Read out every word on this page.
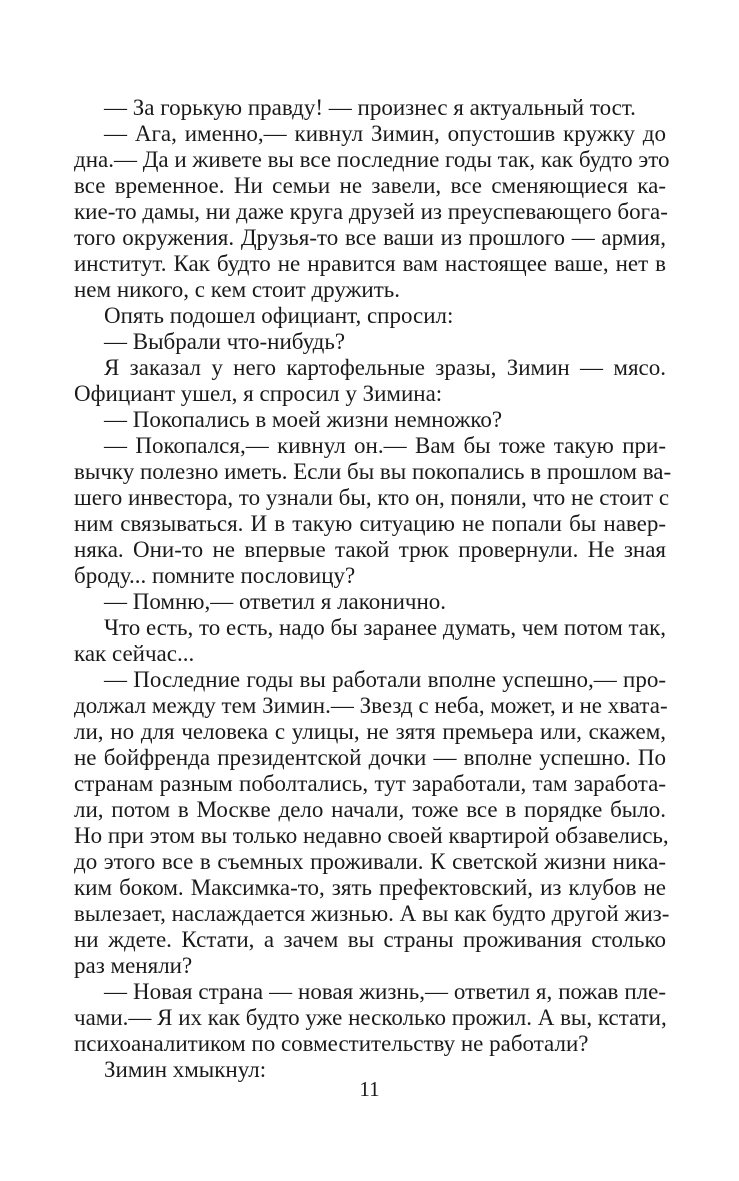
— За горькую правду! — произнес я актуальный тост.
— Ага, именно,— кивнул Зимин, опустошив кружку до
дна.— Да и живете вы все последние годы так, как будто это
все временное. Ни семьи не завели, все сменяющиеся ка-
кие-то дамы, ни даже круга друзей из преуспевающего бога-
того окружения. Друзья-то все ваши из прошлого — армия,
институт. Как будто не нравится вам настоящее ваше, нет в
нем никого, с кем стоит дружить.
Опять подошел официант, спросил:
— Выбрали что-нибудь?
Я заказал у него картофельные зразы, Зимин — мясо.
Официант ушел, я спросил у Зимина:
— Покопались в моей жизни немножко?
— Покопался,— кивнул он.— Вам бы тоже такую при-
вычку полезно иметь. Если бы вы покопались в прошлом ва-
шего инвестора, то узнали бы, кто он, поняли, что не стоит с
ним связываться. И в такую ситуацию не попали бы навер-
няка. Они-то не впервые такой трюк провернули. Не зная
броду... помните пословицу?
— Помню,— ответил я лаконично.
Что есть, то есть, надо бы заранее думать, чем потом так,
как сейчас...
— Последние годы вы работали вполне успешно,— про-
должал между тем Зимин.— Звезд с неба, может, и не хвата-
ли, но для человека с улицы, не зятя премьера или, скажем,
не бойфренда президентской дочки — вполне успешно. По
странам разным поболтались, тут заработали, там заработа-
ли, потом в Москве дело начали, тоже все в порядке было.
Но при этом вы только недавно своей квартирой обзавелись,
до этого все в съемных проживали. К светской жизни ника-
ким боком. Максимка-то, зять префектовский, из клубов не
вылезает, наслаждается жизнью. А вы как будто другой жиз-
ни ждете. Кстати, а зачем вы страны проживания столько
раз меняли?
— Новая страна — новая жизнь,— ответил я, пожав пле-
чами.— Я их как будто уже несколько прожил. А вы, кстати,
психоаналитиком по совместительству не работали?
Зимин хмыкнул:
11
